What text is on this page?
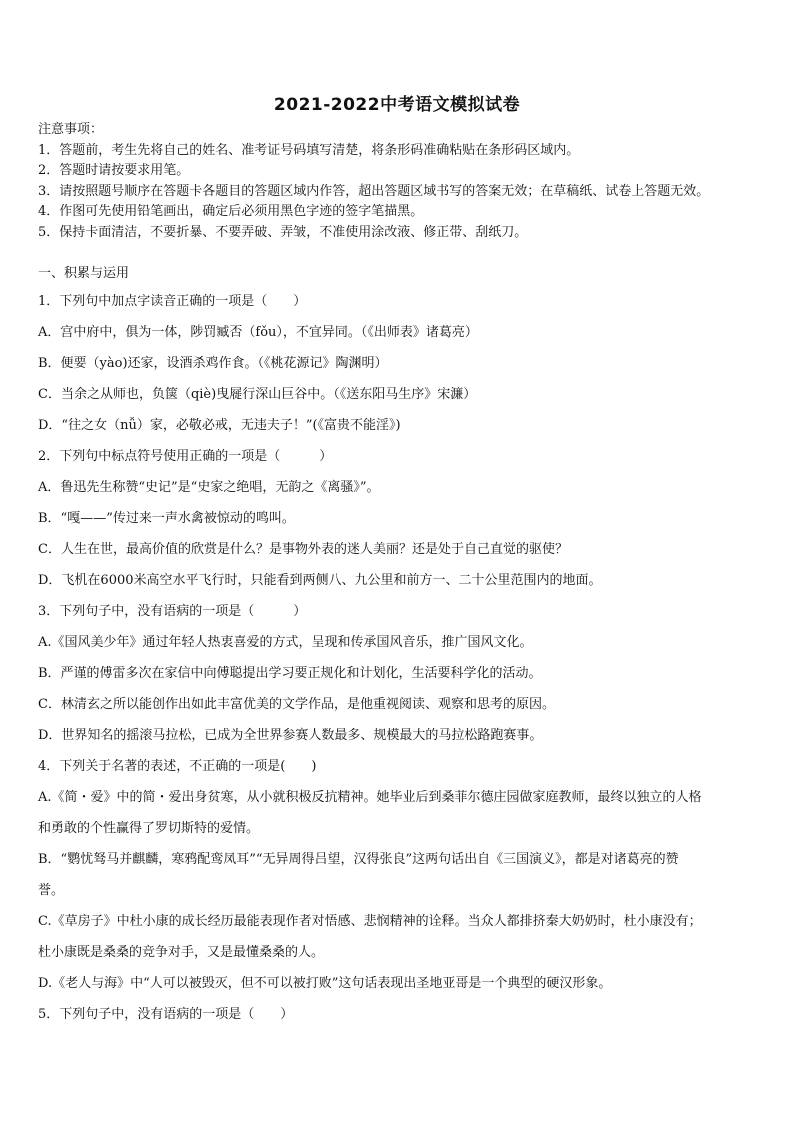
2021-2022中考语文模拟试卷
注意事项：
1．答题前，考生先将自己的姓名、准考证号码填写清楚，将条形码准确粘贴在条形码区域内。
2．答题时请按要求用笔。
3．请按照题号顺序在答题卡各题目的答题区域内作答，超出答题区域书写的答案无效；在草稿纸、试卷上答题无效。
4．作图可先使用铅笔画出，确定后必须用黑色字迹的签字笔描黑。
5．保持卡面清洁，不要折暴、不要弄破、弄皱，不准使用涂改液、修正带、刮纸刀。
一、积累与运用
1．下列句中加点字读音正确的一项是（　　）
A．宫中府中，俱为一体，陟罚臧否（fǒu），不宜异同。（《出师表》诸葛亮）
B．便要（yào)还家，设酒杀鸡作食。（《桃花源记》陶渊明）
C．当余之从师也，负箧（qiè)曳屣行深山巨谷中。（《送东阳马生序》宋濂）
D．“往之女（nǚ）家，必敬必戒，无违夫子！”(《富贵不能淫》)
2．下列句中标点符号使用正确的一项是（　　　）
A．鲁迅先生称赞“史记”是“史家之绝唱，无韵之《离骚》”。
B．“嘎——”传过来一声水禽被惊动的鸣叫。
C．人生在世，最高价值的欣赏是什么？是事物外表的迷人美丽？还是处于自己直觉的驱使？
D．飞机在6000米高空水平飞行时，只能看到两侧八、九公里和前方一、二十公里范围内的地面。
3．下列句子中，没有语病的一项是（　　　）
A.《国风美少年》通过年轻人热衷喜爱的方式，呈现和传承国风音乐，推广国风文化。
B．严谨的傅雷多次在家信中向傅聪提出学习要正规化和计划化，生活要科学化的活动。
C．林清玄之所以能创作出如此丰富优美的文学作品，是他重视阅读、观察和思考的原因。
D．世界知名的摇滚马拉松，已成为全世界参赛人数最多、规模最大的马拉松路跑赛事。
4．下列关于名著的表述，不正确的一项是(　　)
A.《简・爱》中的简・爱出身贫寒，从小就积极反抗精神。她毕业后到桑菲尔德庄园做家庭教师，最终以独立的人格
和勇敢的个性赢得了罗切斯特的爱情。
B．“鹦忧驽马并麒麟，寒鸦配鸾凤耳”“无异周得吕望，汉得张良”这两句话出自《三国演义》，都是对诸葛亮的赞
誉。
C.《草房子》中杜小康的成长经历最能表现作者对悟感、悲悯精神的诠释。当众人都排挤秦大奶奶时，杜小康没有；
杜小康既是桑桑的竞争对手，又是最懂桑桑的人。
D.《老人与海》中“人可以被毁灭，但不可以被打败”这句话表现出圣地亚哥是一个典型的硬汉形象。
5．下列句子中，没有语病的一项是（　　）
